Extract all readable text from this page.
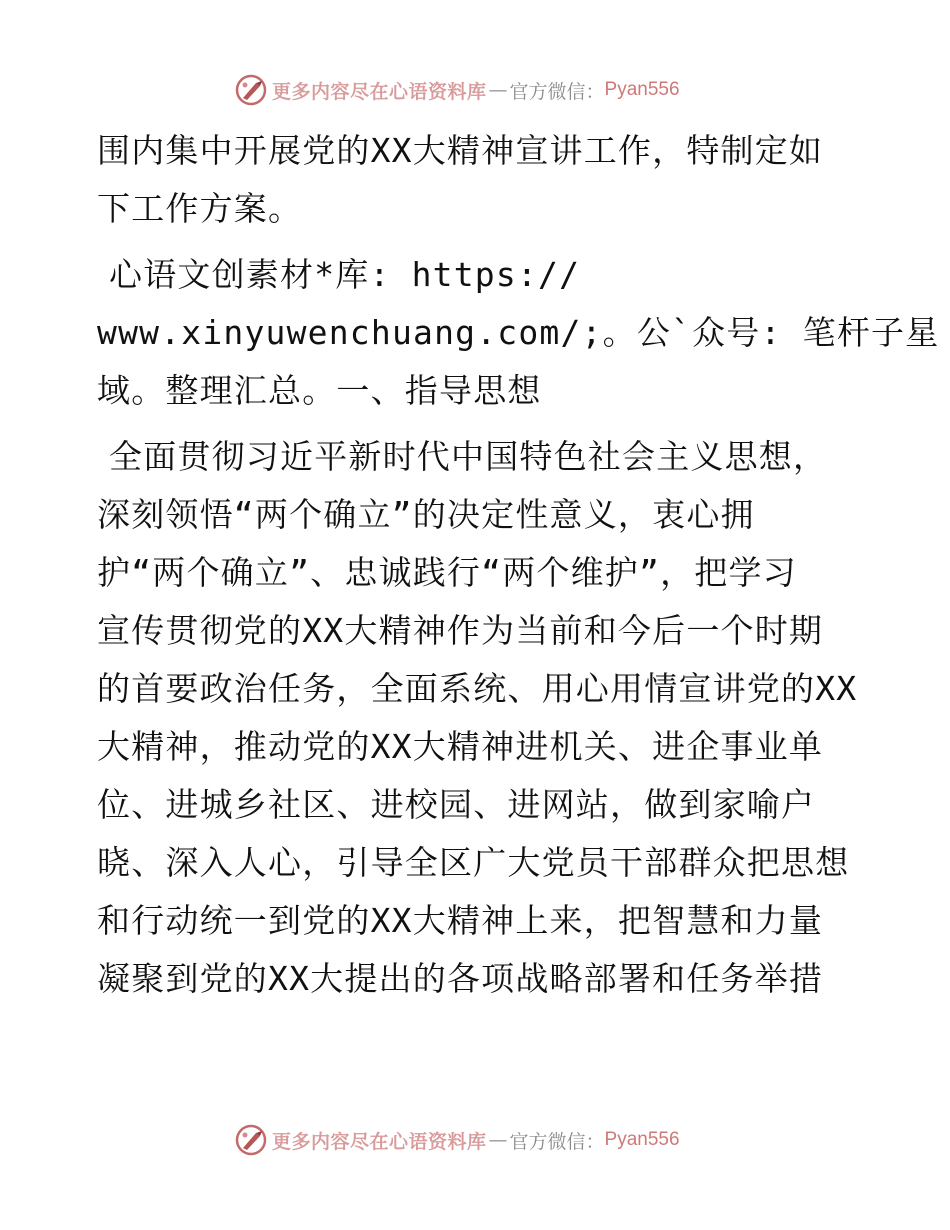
更多内容尽在心语资料库 — 官方微信： Pyan556
围内集中开展党的XX大精神宣讲工作，特制定如
下工作方案。
心语文创素材*库: https://
www.xinyuwenchuang.com/;。公`众号: 笔杆子星
域。整理汇总。一、指导思想
全面贯彻习近平新时代中国特色社会主义思想，
深刻领悟“两个确立”的决定性意义，衷心拥
护“两个确立”、忠诚践行“两个维护”，把学习
宣传贯彻党的XX大精神作为当前和今后一个时期
的首要政治任务，全面系统、用心用情宣讲党的XX
大精神，推动党的XX大精神进机关、进企事业单
位、进城乡社区、进校园、进网站，做到家喻户
晓、深入人心，引导全区广大党员干部群众把思想
和行动统一到党的XX大精神上来，把智慧和力量
凝聚到党的XX大提出的各项战略部署和任务举措
更多内容尽在心语资料库 — 官方微信： Pyan556
